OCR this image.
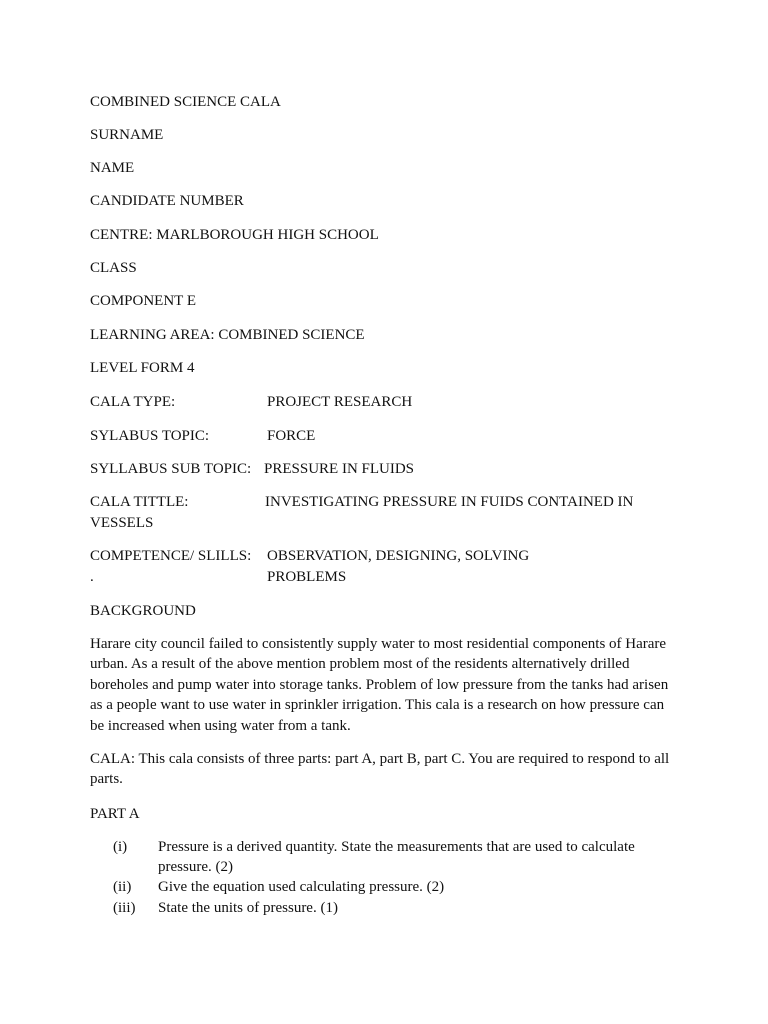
COMBINED SCIENCE CALA
SURNAME
NAME
CANDIDATE NUMBER
CENTRE: MARLBOROUGH HIGH SCHOOL
CLASS
COMPONENT E
LEARNING AREA: COMBINED SCIENCE
LEVEL FORM 4
CALA TYPE:	PROJECT RESEARCH
SYLABUS TOPIC:	FORCE
SYLLABUS SUB TOPIC: PRESSURE IN FLUIDS
CALA TITTLE:	INVESTIGATING PRESSURE IN FUIDS CONTAINED IN
VESSELS
COMPETENCE/ SLILLS: OBSERVATION, DESIGNING, SOLVING
.	PROBLEMS
BACKGROUND
Harare city council failed to consistently supply water to most residential components of Harare urban. As a result of the above mention problem most of the residents alternatively drilled boreholes and pump water into storage tanks. Problem of low pressure from the tanks had arisen as a people want to use water in sprinkler irrigation. This cala is a research on how pressure can be increased when using water from a tank.
CALA: This cala consists of three parts: part A, part B, part C. You are required to respond to all parts.
PART A
(i) Pressure is a derived quantity. State the measurements that are used to calculate pressure. (2)
(ii) Give the equation used calculating pressure. (2)
(iii) State the units of pressure. (1)
